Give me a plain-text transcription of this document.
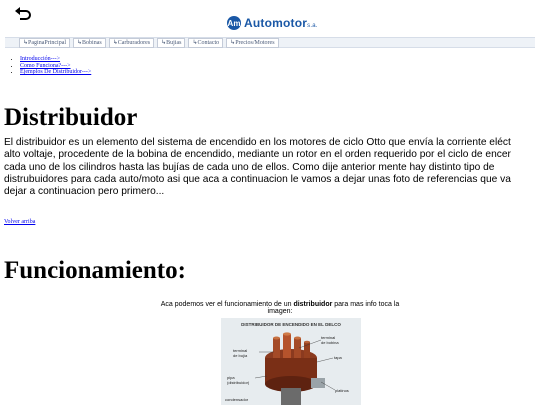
Am Automotors.a.
↳PaginaPrincipal	↳Bobinas	↳Carburadores	↳Bujias	↳Contacto	↳Precios/Motores
• Introducción--->
• Como Funciona?--->
• Ejemplos De Distribuidor--->
Distribuidor
El distribuidor es un elemento del sistema de encendido en los motores de ciclo Otto que envía la corriente eléct
alto voltaje, procedente de la bobina de encendido, mediante un rotor en el orden requerido por el ciclo de encer
cada uno de los cilindros hasta las bujías de cada uno de ellos. Como dije anterior mente hay distinto tipo de
distrubuidores para cada auto/moto asi que aca a continuacion le vamos a dejar unas foto de referencias que va
dejar a continuacion pero primero...
Volver arriba
Funcionamiento:
Aca podemos ver el funcionamiento de un distribuidor para mas info toca la imagen:
DISTRIBUIDOR DE ENCENDIDO EN EL DELCO
terminal
de bobina
terminal
de bujía	tapa
pipa
(distribuidor)
platinos
condensador
